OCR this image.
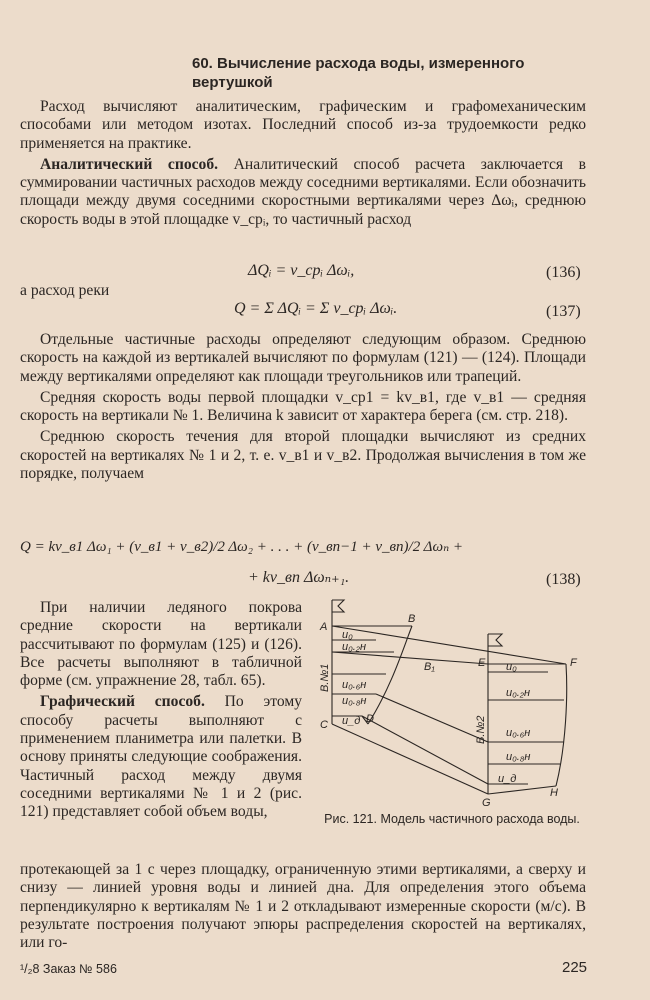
60. Вычисление расхода воды, измеренного вертушкой

Расход вычисляют аналитическим, графическим и графомеханическим способами или методом изотах. Последний способ из-за трудоемкости редко применяется на практике.

Аналитический способ. Аналитический способ расчета заключается в суммировании частичных расходов между соседними вертикалями. Если обозначить площади между двумя соседними скоростными вертикалями через Δωᵢ, среднюю скорость воды в этой площадке v_срᵢ, то частичный расход

ΔQᵢ = v_срᵢ Δωᵢ,	(136)
а расход реки
Q = Σ ΔQᵢ = Σ v_срᵢ Δωᵢ.	(137)

Отдельные частичные расходы определяют следующим образом. Среднюю скорость на каждой из вертикалей вычисляют по формулам (121) — (124). Площади между вертикалями определяют как площади треугольников или трапеций.

Средняя скорость воды первой площадки v_ср1 = kv_в1, где v_в1 — средняя скорость на вертикали № 1. Величина k зависит от характера берега (см. стр. 218).

Среднюю скорость течения для второй площадки вычисляют из средних скоростей на вертикалях № 1 и 2, т. е. v_в1 и v_в2. Продолжая вычисления в том же порядке, получаем

Q = kv_в1 Δω₁ + (v_в1 + v_в2)/2 Δω₂ + . . . + (v_вn−1 + v_вn)/2 Δωₙ +
+ kv_вn Δωₙ₊₁.	(138)

При наличии ледяного покрова средние скорости на вертикали рассчитывают по формулам (125) и (126). Все расчеты выполняют в табличной форме (см. упражнение 28, табл. 65).

Графический способ. По этому способу расчеты выполняют с применением планиметра или палетки. В основу приняты следующие соображения. Частичный расход между двумя соседними вертикалями № 1 и 2 (рис. 121) представляет собой объем воды,

протекающей за 1 с через площадку, ограниченную этими вертикалями, а сверху и снизу — линией уровня воды и линией дна. Для определения этого объема перпендикулярно к вертикалям № 1 и 2 откладывают измеренные скорости (м/с). В результате построения получают эпюры распределения скоростей на вертикалях, или го-

A
B
B₁
C	D
E	F
G
H
u₀
u₀.₂н
u₀.₆н
u₀.₈н
u_д
u₀
u₀.₂н
u₀.₆н
u₀.₈н
u_д
В.№1
В.№2
Рис. 121. Модель частичного расхода воды.
¹/₂8 Заказ № 586	225
